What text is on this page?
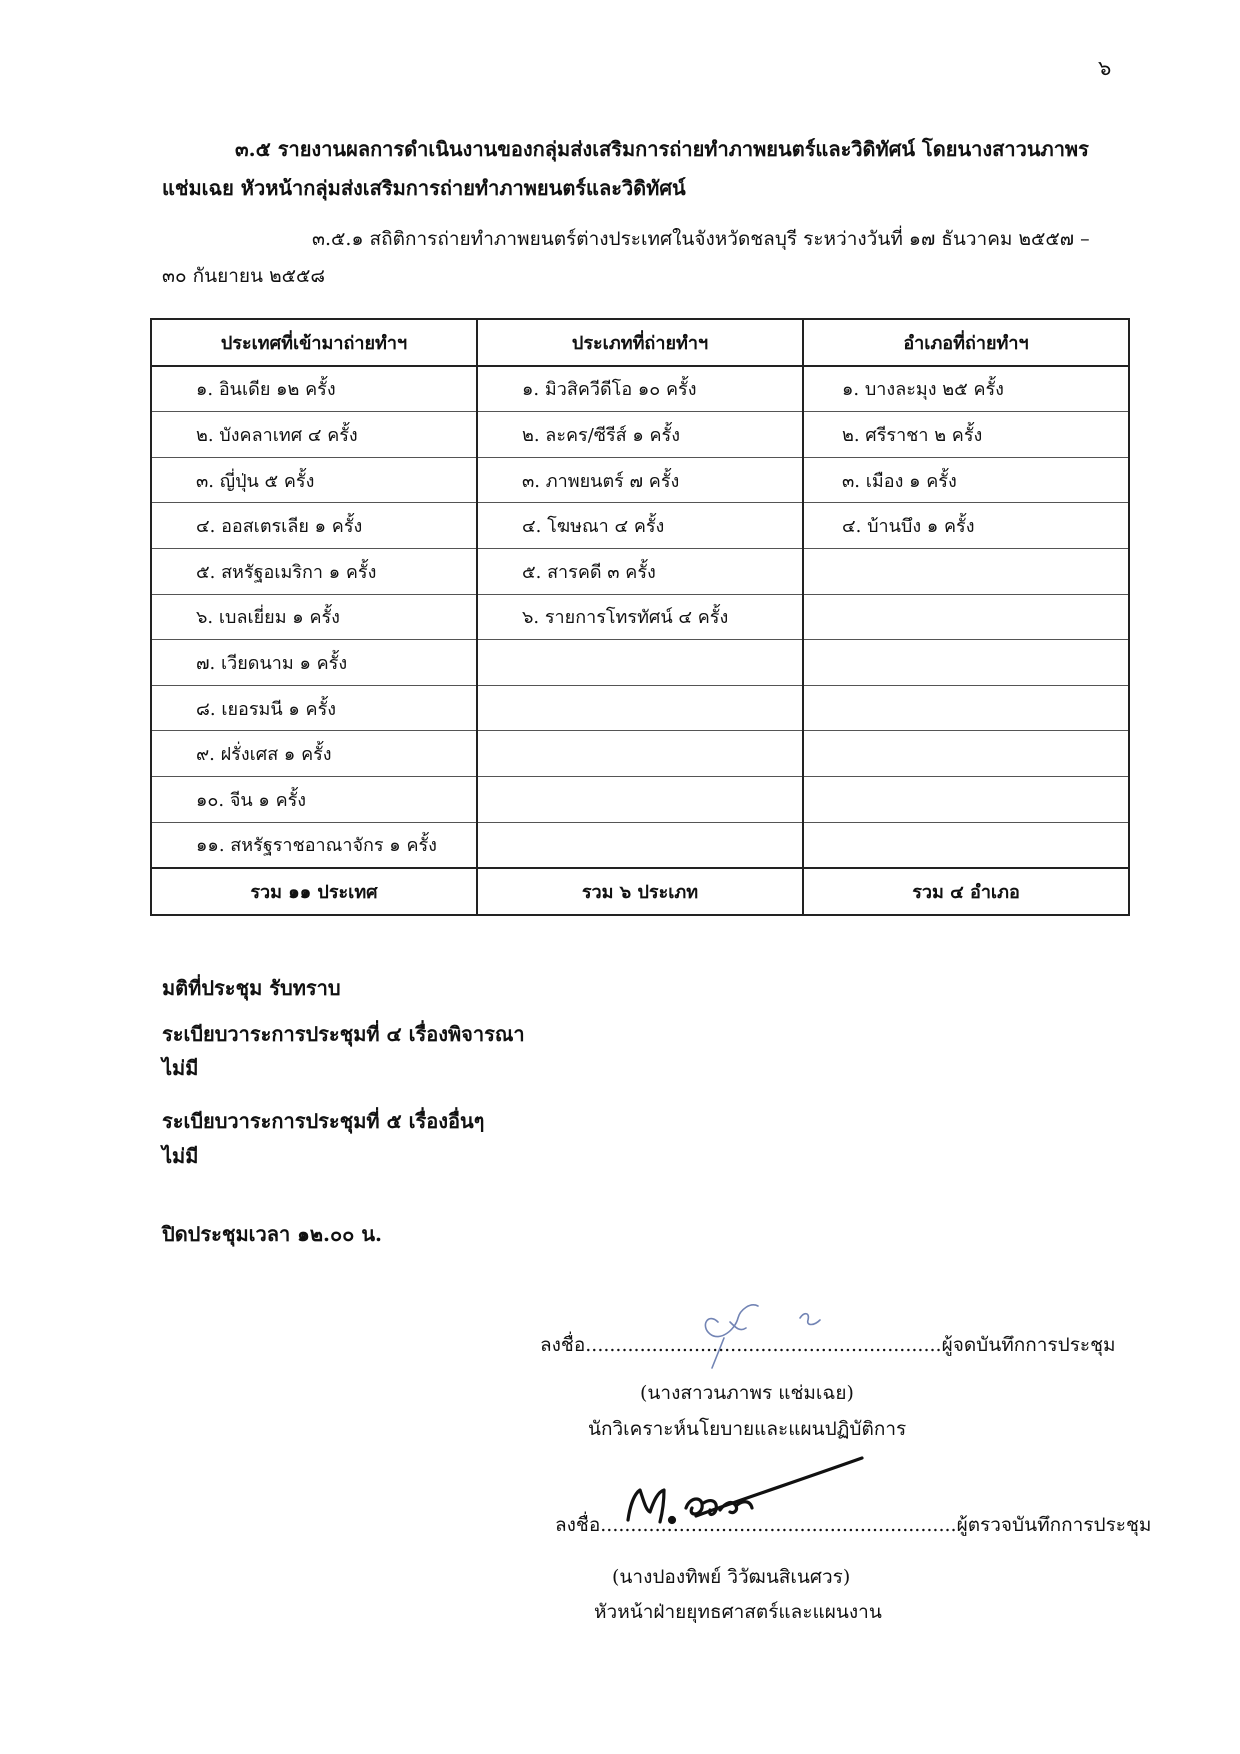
๖
๓.๕ รายงานผลการดำเนินงานของกลุ่มส่งเสริมการถ่ายทำภาพยนตร์และวิดิทัศน์ โดยนางสาวนภาพร
แช่มเฉย หัวหน้ากลุ่มส่งเสริมการถ่ายทำภาพยนตร์และวิดิทัศน์
๓.๕.๑ สถิติการถ่ายทำภาพยนตร์ต่างประเทศในจังหวัดชลบุรี ระหว่างวันที่ ๑๗ ธันวาคม ๒๕๕๗ –
๓๐ กันยายน ๒๕๕๘
ประเทศที่เข้ามาถ่ายทำฯ	ประเภทที่ถ่ายทำฯ	อำเภอที่ถ่ายทำฯ
๑. อินเดีย ๑๒ ครั้ง	๑. มิวสิควีดีโอ ๑๐ ครั้ง	๑. บางละมุง ๒๕ ครั้ง
๒. บังคลาเทศ ๔ ครั้ง	๒. ละคร/ซีรีส์ ๑ ครั้ง	๒. ศรีราชา ๒ ครั้ง
๓. ญี่ปุ่น ๕ ครั้ง	๓. ภาพยนตร์ ๗ ครั้ง	๓. เมือง ๑ ครั้ง
๔. ออสเตรเลีย ๑ ครั้ง	๔. โฆษณา ๔ ครั้ง	๔. บ้านบึง ๑ ครั้ง
๕. สหรัฐอเมริกา ๑ ครั้ง	๕. สารคดี ๓ ครั้ง	
๖. เบลเยี่ยม ๑ ครั้ง	๖. รายการโทรทัศน์ ๔ ครั้ง	
๗. เวียดนาม ๑ ครั้ง		
๘. เยอรมนี ๑ ครั้ง		
๙. ฝรั่งเศส ๑ ครั้ง		
๑๐. จีน ๑ ครั้ง		
๑๑. สหรัฐราชอาณาจักร ๑ ครั้ง		
รวม ๑๑ ประเทศ	รวม ๖ ประเภท	รวม ๔ อำเภอ
มติที่ประชุม รับทราบ
ระเบียบวาระการประชุมที่ ๔ เรื่องพิจารณา
ไม่มี
ระเบียบวาระการประชุมที่ ๕ เรื่องอื่นๆ
ไม่มี
ปิดประชุมเวลา ๑๒.๐๐ น.
ลงชื่อ...........................................................ผู้จดบันทึกการประชุม
(นางสาวนภาพร แช่มเฉย)
นักวิเคราะห์นโยบายและแผนปฏิบัติการ
ลงชื่อ...........................................................ผู้ตรวจบันทึกการประชุม
(นางปองทิพย์ วิวัฒนสิเนศวร)
หัวหน้าฝ่ายยุทธศาสตร์และแผนงาน
